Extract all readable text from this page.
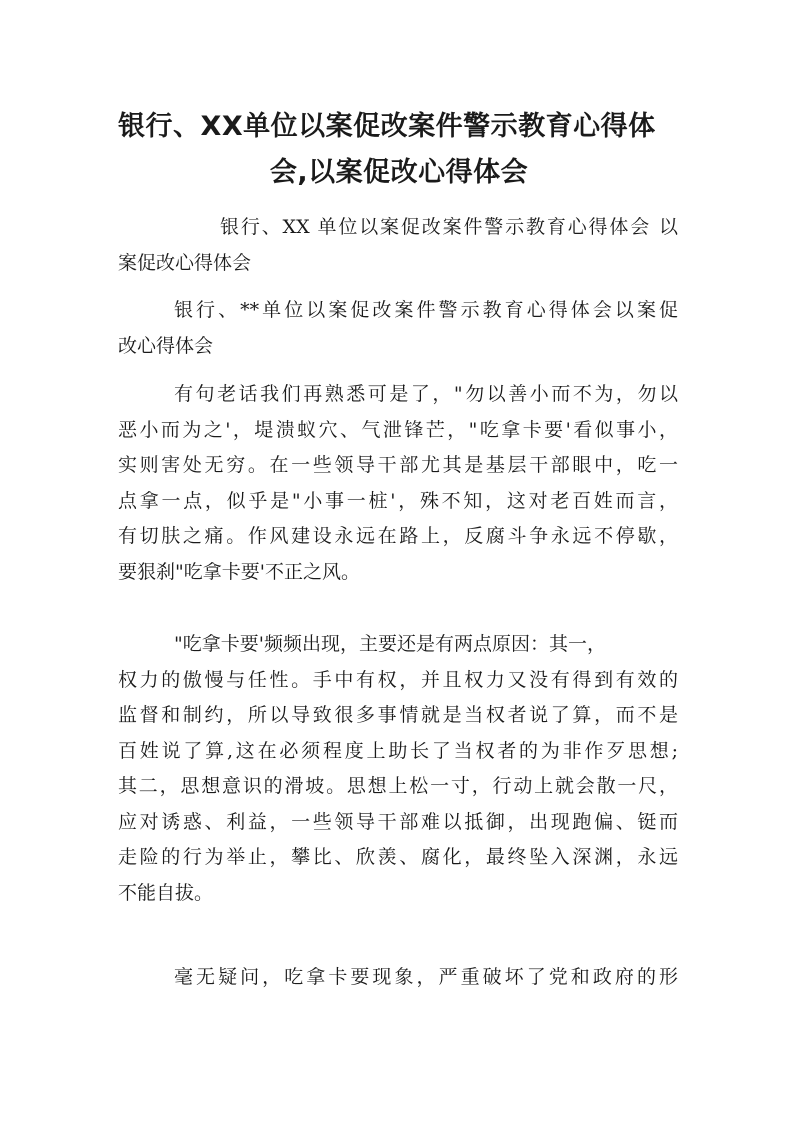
银行、XX单位以案促改案件警示教育心得体
会,以案促改心得体会

银行、XX 单位以案促改案件警示教育心得体会 以
案促改心得体会

银行、**单位以案促改案件警示教育心得体会以案促
改心得体会

有句老话我们再熟悉可是了，"勿以善小而不为，勿以
恶小而为之'，堤溃蚁穴、气泄锋芒，"吃拿卡要'看似事小，
实则害处无穷。在一些领导干部尤其是基层干部眼中，吃一
点拿一点，似乎是"小事一桩'，殊不知，这对老百姓而言，
有切肤之痛。作风建设永远在路上，反腐斗争永远不停歇，
要狠刹"吃拿卡要'不正之风。

"吃拿卡要'频频出现，主要还是有两点原因：其一，
权力的傲慢与任性。手中有权，并且权力又没有得到有效的
监督和制约，所以导致很多事情就是当权者说了算，而不是
百姓说了算,这在必须程度上助长了当权者的为非作歹思想;
其二，思想意识的滑坡。思想上松一寸，行动上就会散一尺，
应对诱惑、利益，一些领导干部难以抵御，出现跑偏、铤而
走险的行为举止，攀比、欣羡、腐化，最终坠入深渊，永远
不能自拔。

毫无疑问，吃拿卡要现象，严重破坏了党和政府的形
